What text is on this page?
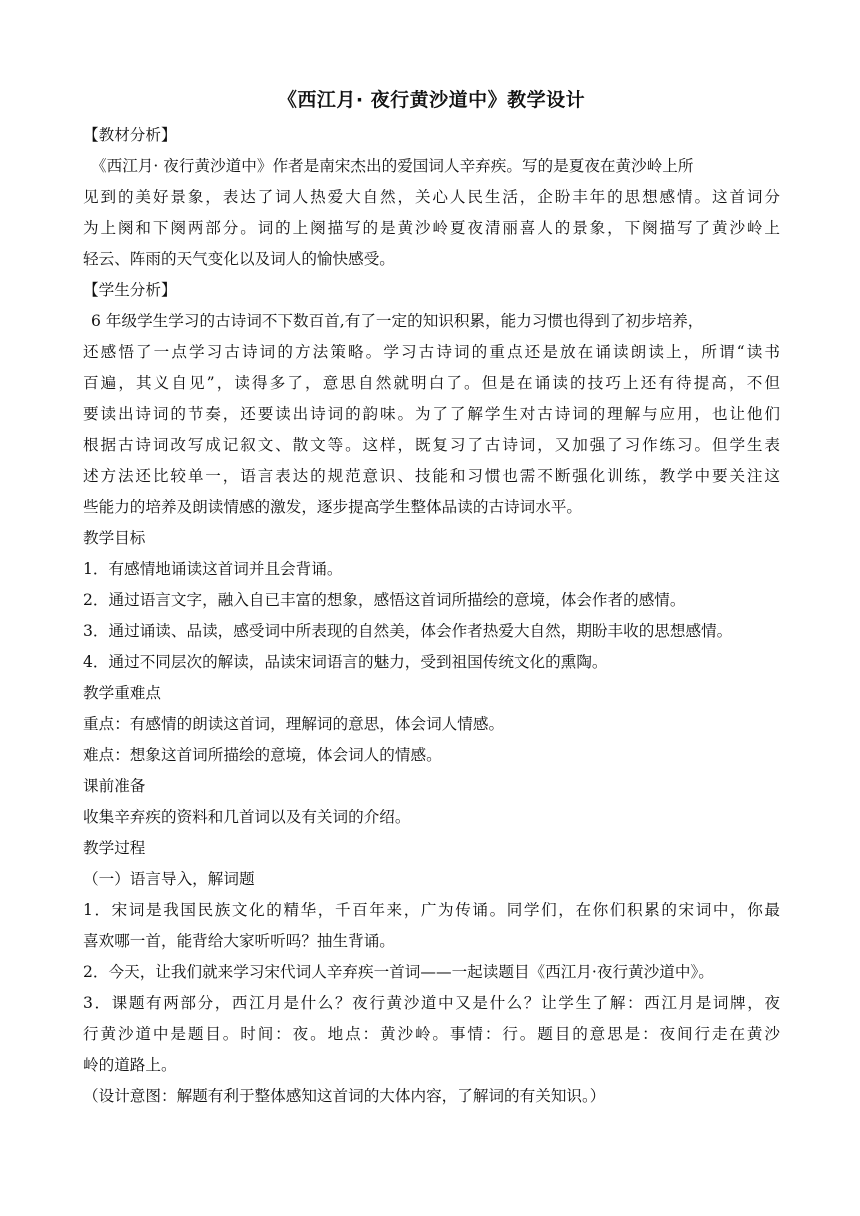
《西江月· 夜行黄沙道中》教学设计
【教材分析】
《西江月· 夜行黄沙道中》作者是南宋杰出的爱国词人辛弃疾。写的是夏夜在黄沙岭上所
见到的美好景象，表达了词人热爱大自然，关心人民生活，企盼丰年的思想感情。这首词分
为上阕和下阕两部分。词的上阕描写的是黄沙岭夏夜清丽喜人的景象，下阕描写了黄沙岭上
轻云、阵雨的天气变化以及词人的愉快感受。
【学生分析】
6 年级学生学习的古诗词不下数百首,有了一定的知识积累，能力习惯也得到了初步培养，
还感悟了一点学习古诗词的方法策略。学习古诗词的重点还是放在诵读朗读上，所谓“读书
百遍，其义自见”，读得多了，意思自然就明白了。但是在诵读的技巧上还有待提高，不但
要读出诗词的节奏，还要读出诗词的韵味。为了了解学生对古诗词的理解与应用，也让他们
根据古诗词改写成记叙文、散文等。这样，既复习了古诗词，又加强了习作练习。但学生表
述方法还比较单一，语言表达的规范意识、技能和习惯也需不断强化训练，教学中要关注这
些能力的培养及朗读情感的激发，逐步提高学生整体品读的古诗词水平。
教学目标
1．有感情地诵读这首词并且会背诵。
2．通过语言文字，融入自已丰富的想象，感悟这首词所描绘的意境，体会作者的感情。
3．通过诵读、品读，感受词中所表现的自然美，体会作者热爱大自然，期盼丰收的思想感情。
4．通过不同层次的解读，品读宋词语言的魅力，受到祖国传统文化的熏陶。
教学重难点
重点：有感情的朗读这首词，理解词的意思，体会词人情感。
难点：想象这首词所描绘的意境，体会词人的情感。
课前准备
收集辛弃疾的资料和几首词以及有关词的介绍。
教学过程
（一）语言导入，解词题
1．宋词是我国民族文化的精华，千百年来，广为传诵。同学们，在你们积累的宋词中，你最
喜欢哪一首，能背给大家听听吗？抽生背诵。
2．今天，让我们就来学习宋代词人辛弃疾一首词——一起读题目《西江月·夜行黄沙道中》。
3．课题有两部分，西江月是什么？夜行黄沙道中又是什么？让学生了解：西江月是词牌，夜
行黄沙道中是题目。时间：夜。地点：黄沙岭。事情：行。题目的意思是：夜间行走在黄沙
岭的道路上。
（设计意图：解题有利于整体感知这首词的大体内容，了解词的有关知识。）
